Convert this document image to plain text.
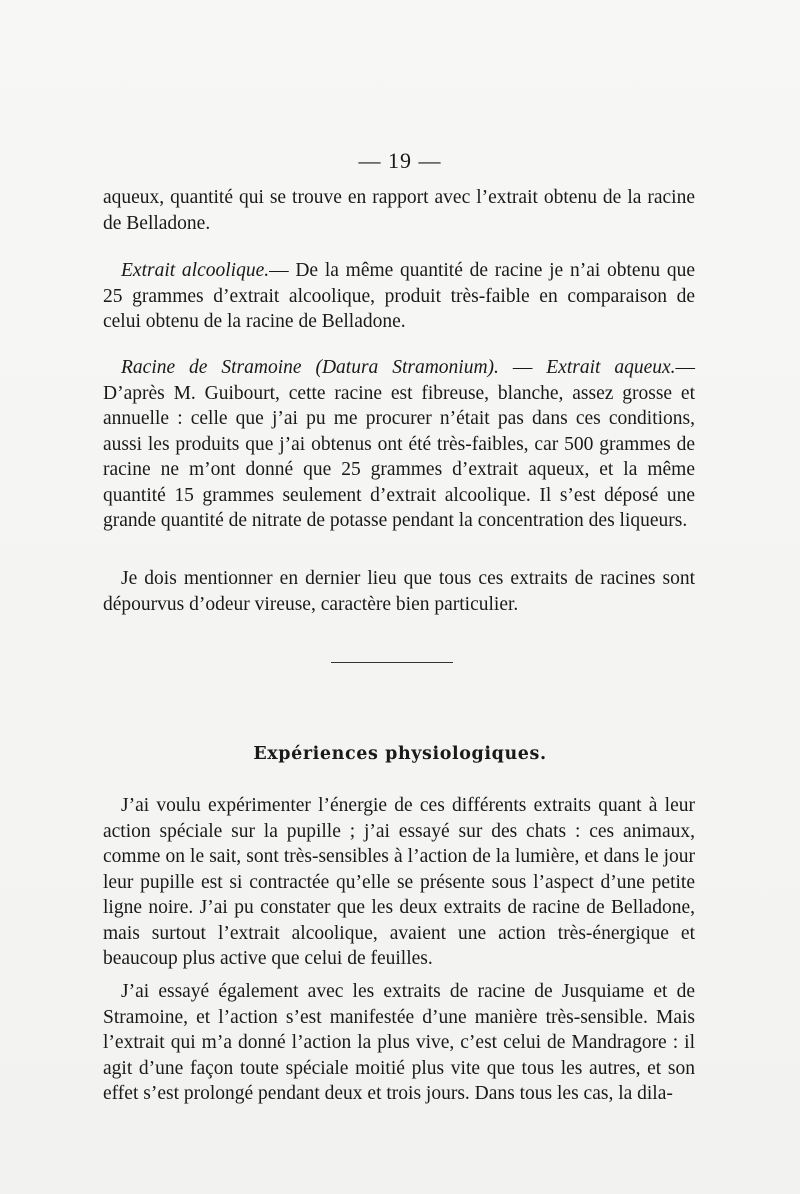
— 19 —

aqueux, quantité qui se trouve en rapport avec l’extrait obtenu de la racine de Belladone.

Extrait alcoolique.— De la même quantité de racine je n’ai obtenu que 25 grammes d’extrait alcoolique, produit très-faible en comparaison de celui obtenu de la racine de Belladone.

Racine de Stramoine (Datura Stramonium). — Extrait aqueux.— D’après M. Guibourt, cette racine est fibreuse, blanche, assez grosse et annuelle : celle que j’ai pu me procurer n’était pas dans ces conditions, aussi les produits que j’ai obtenus ont été très-faibles, car 500 grammes de racine ne m’ont donné que 25 grammes d’extrait aqueux, et la même quantité 15 grammes seulement d’extrait alcoolique. Il s’est déposé une grande quantité de nitrate de potasse pendant la concentration des liqueurs.

Je dois mentionner en dernier lieu que tous ces extraits de racines sont dépourvus d’odeur vireuse, caractère bien particulier.

Expériences physiologiques.

J’ai voulu expérimenter l’énergie de ces différents extraits quant à leur action spéciale sur la pupille ; j’ai essayé sur des chats : ces animaux, comme on le sait, sont très-sensibles à l’action de la lumière, et dans le jour leur pupille est si contractée qu’elle se présente sous l’aspect d’une petite ligne noire. J’ai pu constater que les deux extraits de racine de Belladone, mais surtout l’extrait alcoolique, avaient une action très-énergique et beaucoup plus active que celui de feuilles.

J’ai essayé également avec les extraits de racine de Jusquiame et de Stramoine, et l’action s’est manifestée d’une manière très-sensible. Mais l’extrait qui m’a donné l’action la plus vive, c’est celui de Mandragore : il agit d’une façon toute spéciale moitié plus vite que tous les autres, et son effet s’est prolongé pendant deux et trois jours. Dans tous les cas, la dila-
